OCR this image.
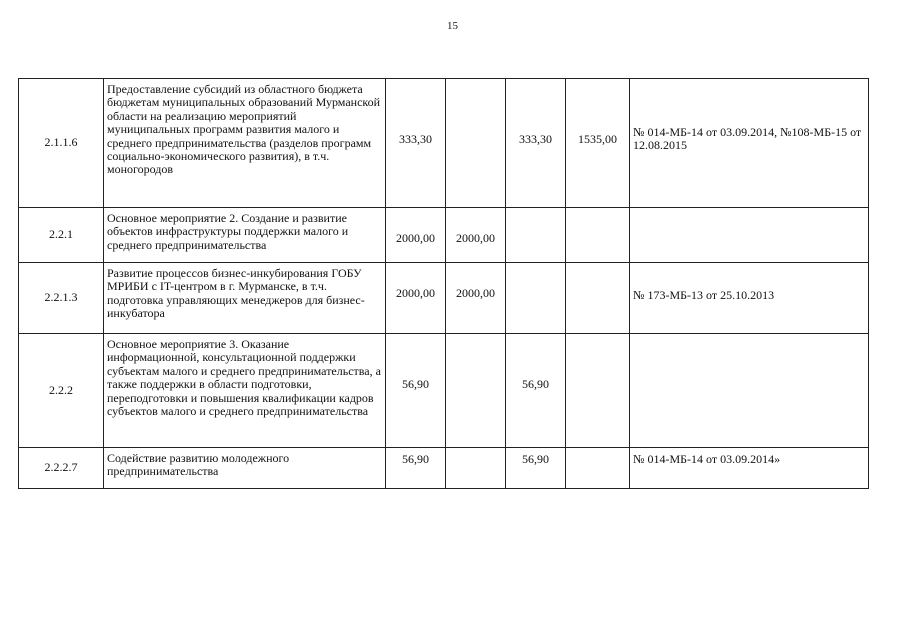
15
2.1.1.6	Предоставление субсидий из областного бюджета бюджетам муниципальных образований Мурманской области на реализацию мероприятий муниципальных программ развития малого и среднего предпринимательства (разделов программ социально-экономического развития), в т.ч. моногородов	333,30		333,30	1535,00	№ 014-МБ-14 от 03.09.2014, №108-МБ-15 от 12.08.2015
2.2.1	Основное мероприятие 2. Создание и развитие объектов инфраструктуры поддержки малого и среднего предпринимательства	2000,00	2000,00			
2.2.1.3	Развитие процессов бизнес-инкубирования ГОБУ МРИБИ с IT-центром в г. Мурманске, в т.ч. подготовка управляющих менеджеров для бизнес-инкубатора	2000,00	2000,00			№ 173-МБ-13 от 25.10.2013
2.2.2	Основное мероприятие 3. Оказание информационной, консультационной поддержки субъектам малого и среднего предпринимательства, а также поддержки в области подготовки, переподготовки и повышения квалификации кадров субъектов малого и среднего предпринимательства	56,90		56,90		
2.2.2.7	Содействие развитию молодежного предпринимательства	56,90		56,90		№ 014-МБ-14 от 03.09.2014»
